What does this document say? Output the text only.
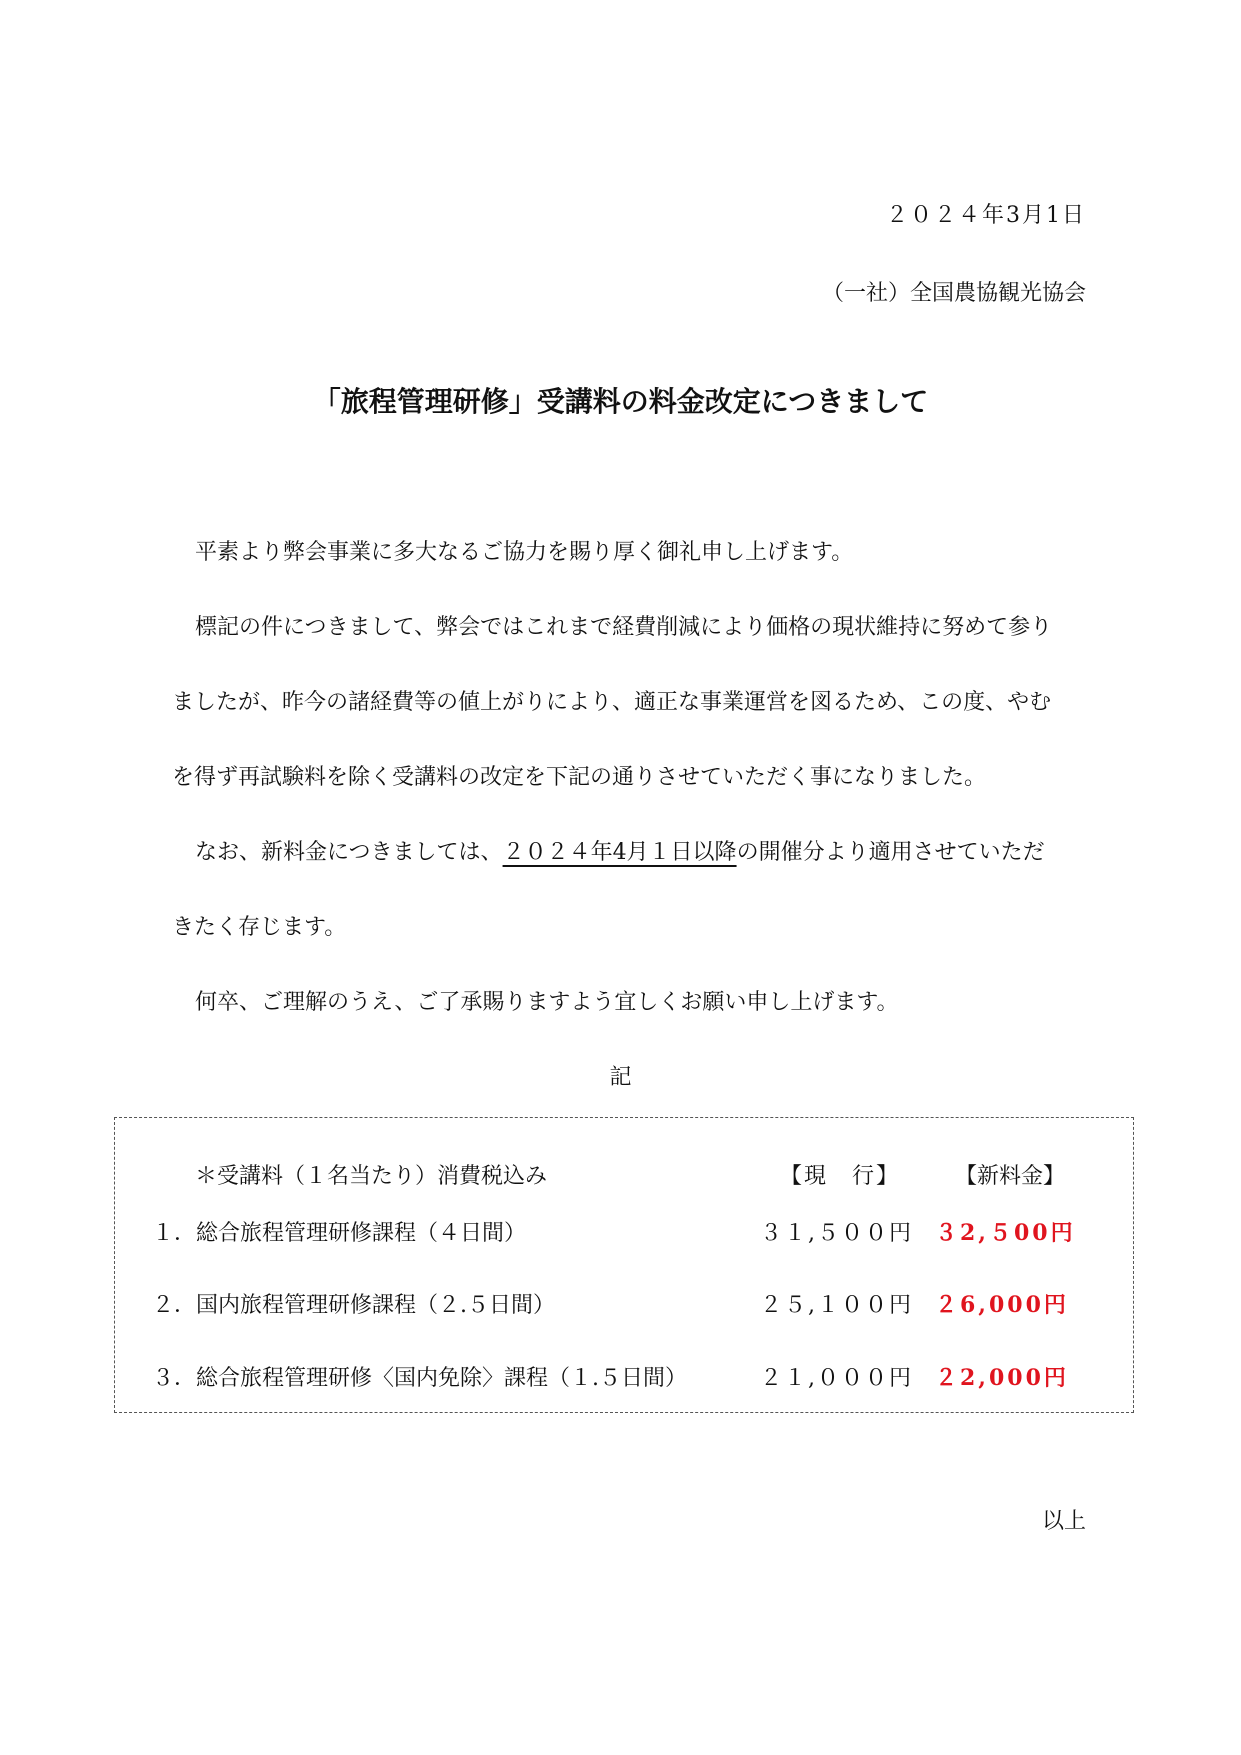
２０２４年3月1日
（一社）全国農協観光協会
「旅程管理研修」受講料の料金改定につきまして
平素より弊会事業に多大なるご協力を賜り厚く御礼申し上げます。
標記の件につきまして、弊会ではこれまで経費削減により価格の現状維持に努めて参り
ましたが、昨今の諸経費等の値上がりにより、適正な事業運営を図るため、この度、やむ
を得ず再試験料を除く受講料の改定を下記の通りさせていただく事になりました。
なお、新料金につきましては、２０２４年4月１日以降の開催分より適用させていただ
きたく存じます。
何卒、ご理解のうえ、ご了承賜りますよう宜しくお願い申し上げます。
記
＊受講料（１名当たり）消費税込み	【現　行】 【新料金】
１．総合旅程管理研修課程（４日間）	３１,５００円 ３2,５00円
２．国内旅程管理研修課程（２.５日間）	２５,１００円 ２6,000円
３．総合旅程管理研修〈国内免除〉課程（１.５日間）	２１,０００円 ２2,000円
以上
